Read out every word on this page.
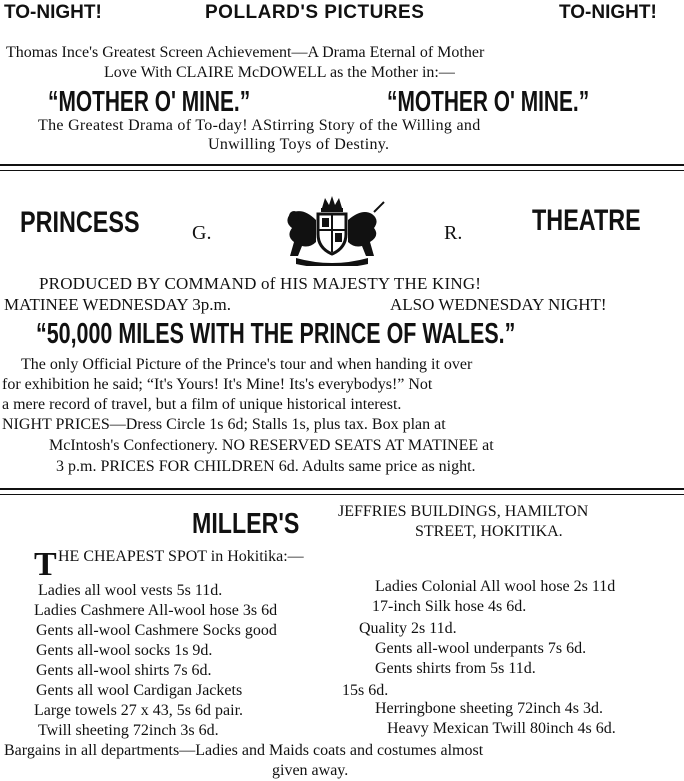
TO-NIGHT!	POLLARD'S PICTURES	TO-NIGHT!
Thomas Ince's Greatest Screen Achievement—A Drama Eternal of Mother
Love With CLAIRE McDOWELL as the Mother in:—
“MOTHER O' MINE.”	“MOTHER O' MINE.”
The Greatest Drama of To-day! AStirring Story of the Willing and
Unwilling Toys of Destiny.
PRINCESS	G.	R. THEATRE
PRODUCED BY COMMAND of HIS MAJESTY THE KING!
MATINEE WEDNESDAY 3p.m.	ALSO WEDNESDAY NIGHT!
“50,000 MILES WITH THE PRINCE OF WALES.”
The only Official Picture of the Prince's tour and when handing it over
for exhibition he said; “It's Yours! It's Mine! Its's everybodys!” Not
a mere record of travel, but a film of unique historical interest.
NIGHT PRICES—Dress Circle 1s 6d; Stalls 1s, plus tax. Box plan at
McIntosh's Confectionery. NO RESERVED SEATS AT MATINEE at
3 p.m. PRICES FOR CHILDREN 6d. Adults same price as night.
MILLER'S	JEFFRIES BUILDINGS, HAMILTON
STREET, HOKITIKA.
T HE CHEAPEST SPOT in Hokitika:—
Ladies all wool vests 5s 11d.
Ladies Cashmere All-wool hose 3s 6d
Gents all-wool Cashmere Socks good
Gents all-wool socks 1s 9d.
Gents all-wool shirts 7s 6d.
Gents all wool Cardigan Jackets
Large towels 27 x 43, 5s 6d pair.
Twill sheeting 72inch 3s 6d.
Ladies Colonial All wool hose 2s 11d
17-inch Silk hose 4s 6d.
Quality 2s 11d.
Gents all-wool underpants 7s 6d.
Gents shirts from 5s 11d.
15s 6d.
Herringbone sheeting 72inch 4s 3d.
Heavy Mexican Twill 80inch 4s 6d.
Bargains in all departments—Ladies and Maids coats and costumes almost
given away.
